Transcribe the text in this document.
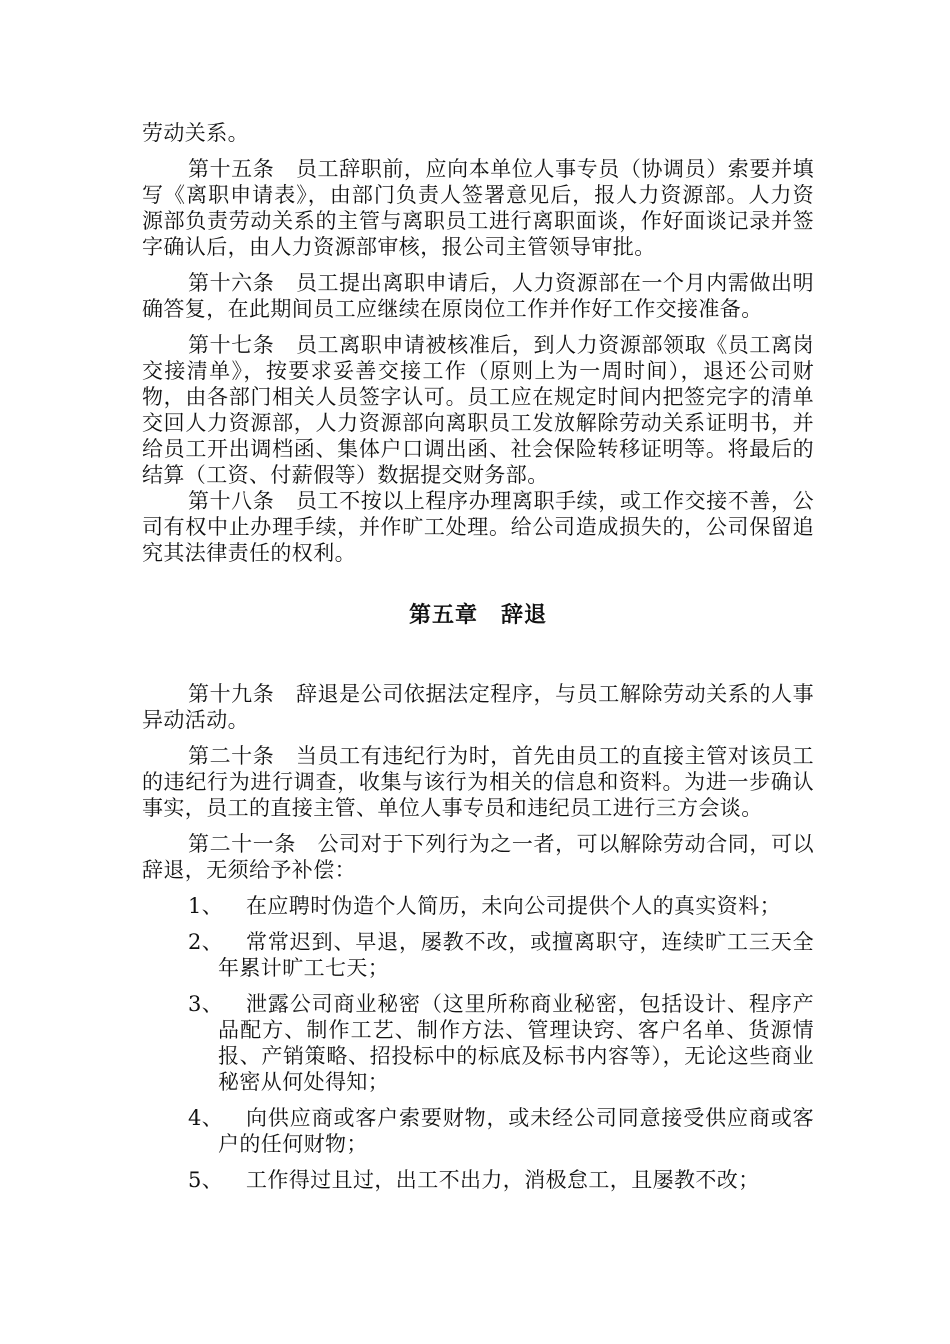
劳动关系。

第十五条　员工辞职前，应向本单位人事专员（协调员）索要并填写《离职申请表》，由部门负责人签署意见后，报人力资源部。人力资源部负责劳动关系的主管与离职员工进行离职面谈，作好面谈记录并签字确认后，由人力资源部审核，报公司主管领导审批。

第十六条　员工提出离职申请后，人力资源部在一个月内需做出明确答复，在此期间员工应继续在原岗位工作并作好工作交接准备。

第十七条　员工离职申请被核准后，到人力资源部领取《员工离岗交接清单》，按要求妥善交接工作（原则上为一周时间），退还公司财物，由各部门相关人员签字认可。员工应在规定时间内把签完字的清单交回人力资源部，人力资源部向离职员工发放解除劳动关系证明书，并给员工开出调档函、集体户口调出函、社会保险转移证明等。将最后的结算（工资、付薪假等）数据提交财务部。

第十八条　员工不按以上程序办理离职手续，或工作交接不善，公司有权中止办理手续，并作旷工处理。给公司造成损失的，公司保留追究其法律责任的权利。

第五章　辞退

第十九条　辞退是公司依据法定程序，与员工解除劳动关系的人事异动活动。

第二十条　当员工有违纪行为时，首先由员工的直接主管对该员工的违纪行为进行调查，收集与该行为相关的信息和资料。为进一步确认事实，员工的直接主管、单位人事专员和违纪员工进行三方会谈。

第二十一条　公司对于下列行为之一者，可以解除劳动合同，可以辞退，无须给予补偿：

1、 在应聘时伪造个人简历，未向公司提供个人的真实资料；
2、 常常迟到、早退，屡教不改，或擅离职守，连续旷工三天全年累计旷工七天；
3、 泄露公司商业秘密（这里所称商业秘密，包括设计、程序产品配方、制作工艺、制作方法、管理诀窍、客户名单、货源情报、产销策略、招投标中的标底及标书内容等），无论这些商业秘密从何处得知；
4、 向供应商或客户索要财物，或未经公司同意接受供应商或客户的任何财物；
5、 工作得过且过，出工不出力，消极怠工，且屡教不改；
